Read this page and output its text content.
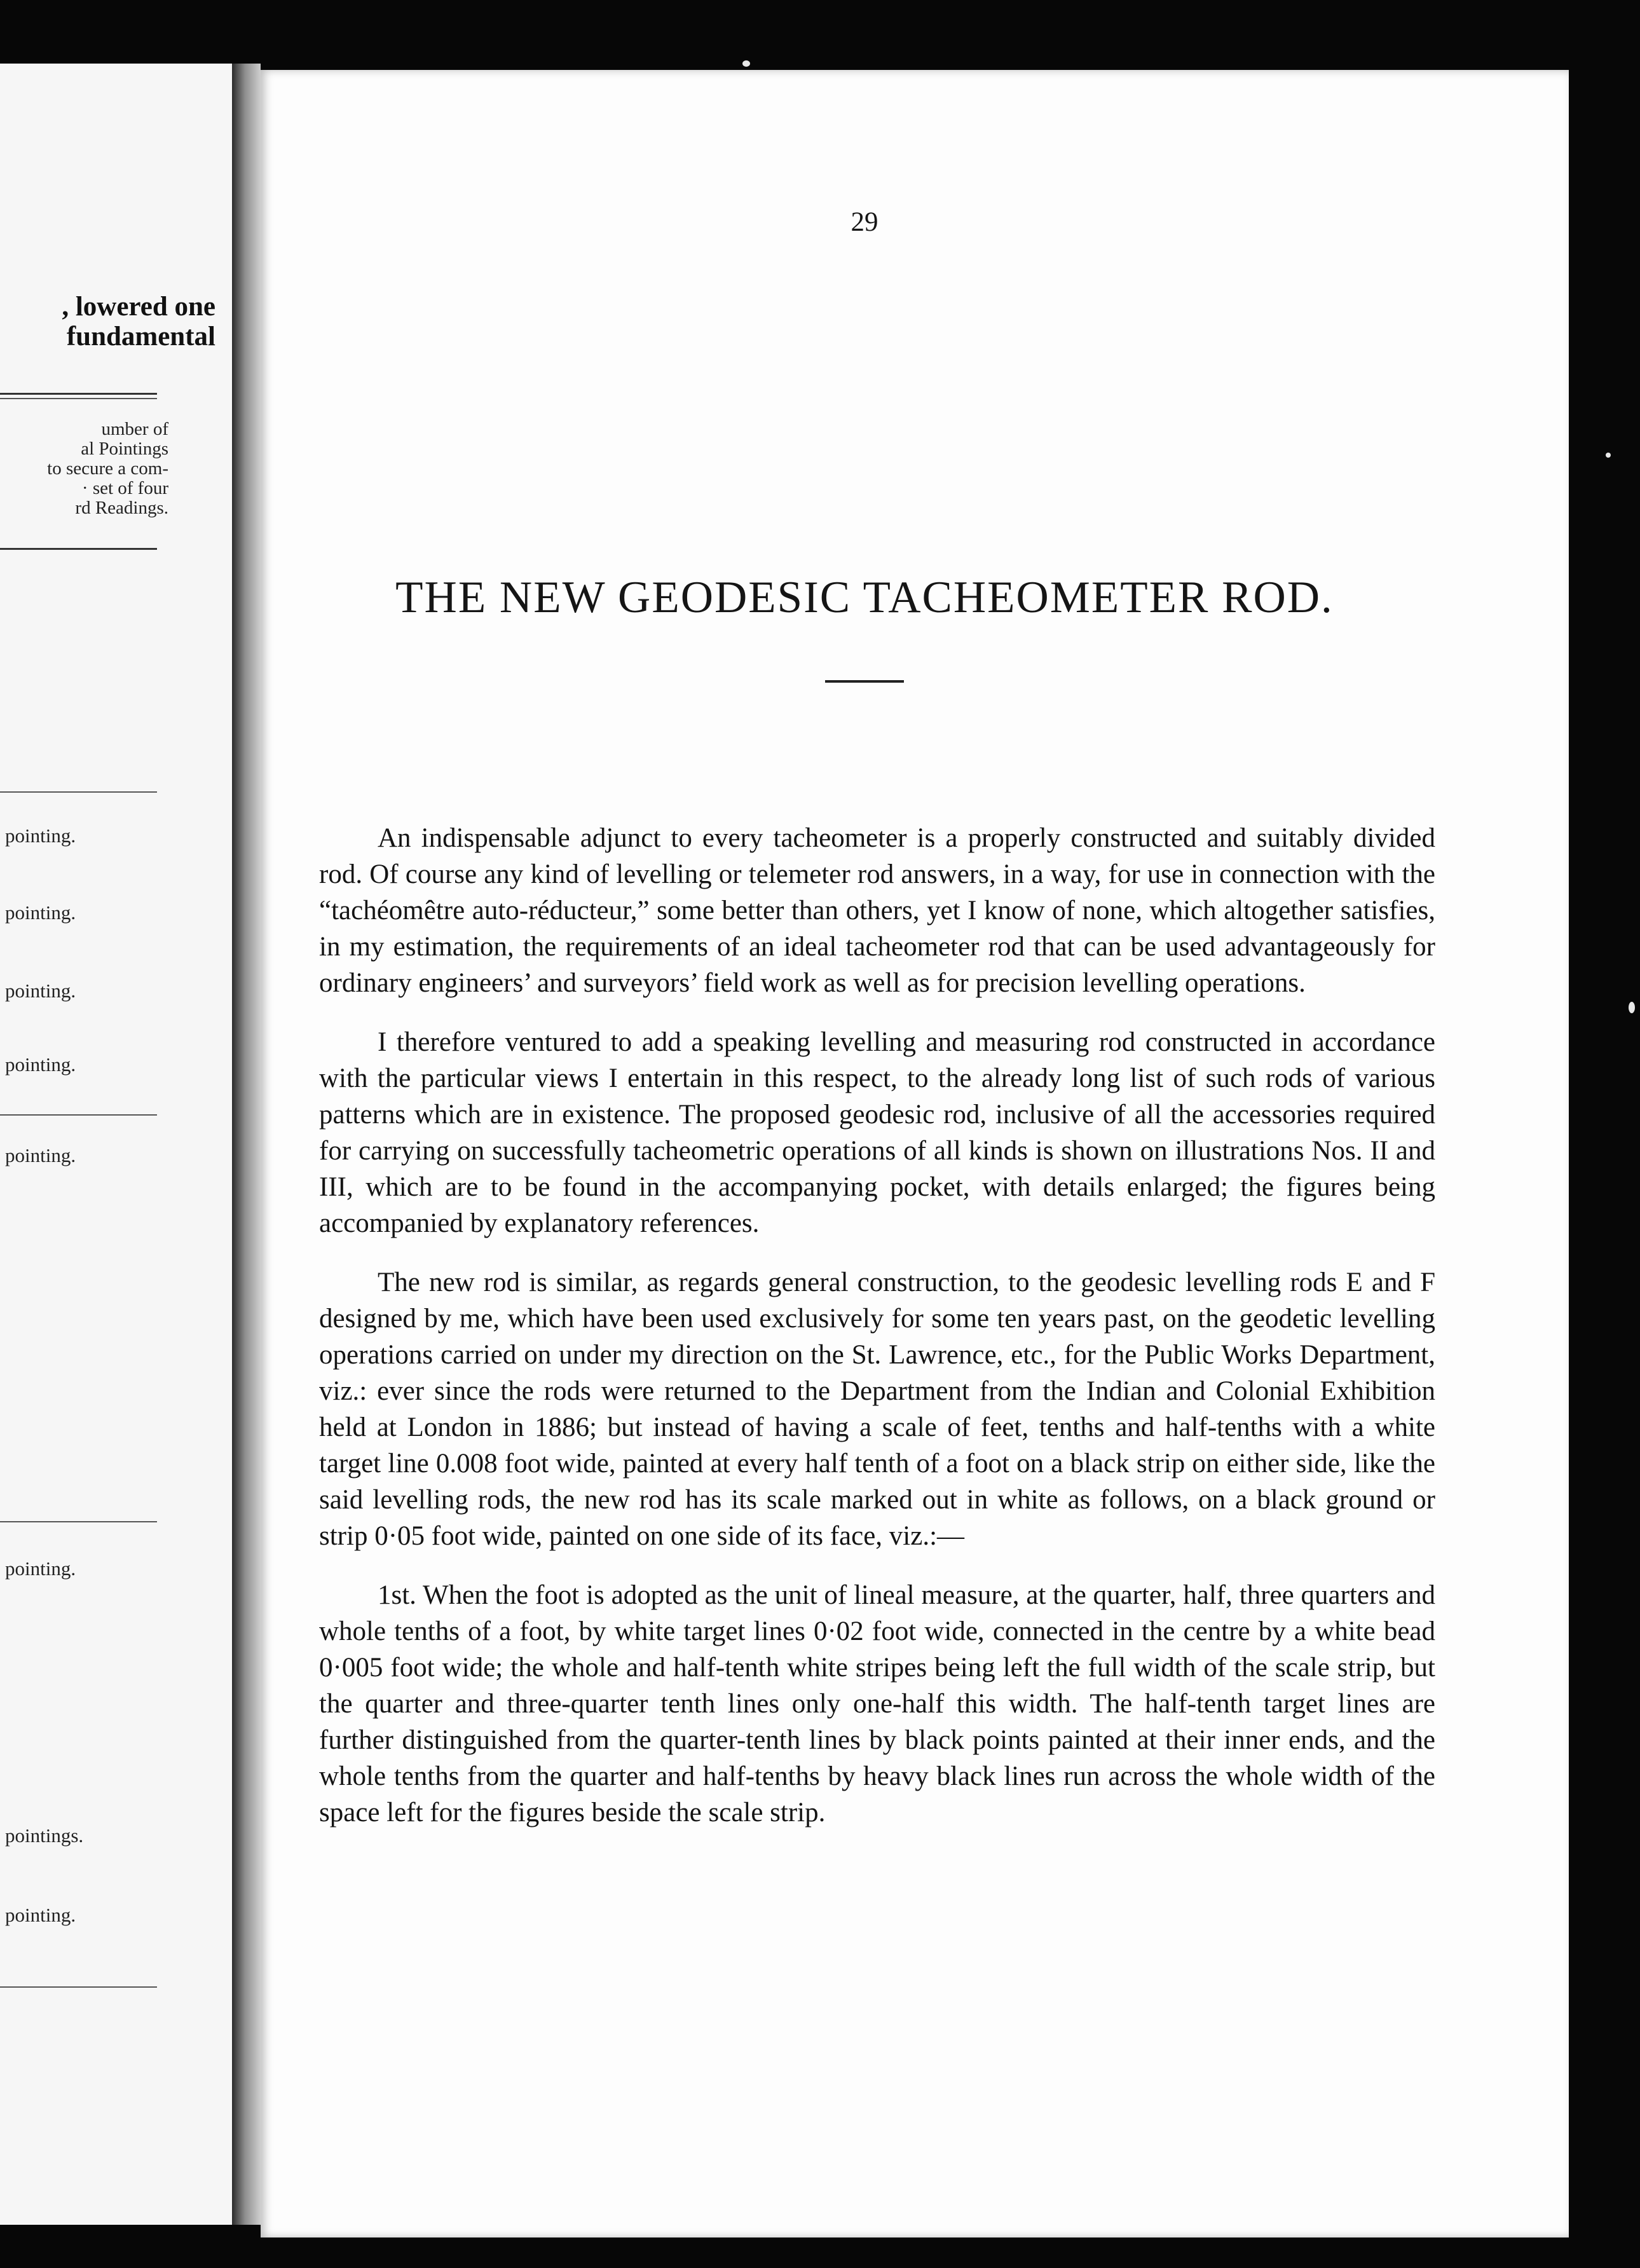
, lowered one
fundamental
umber of
al Pointings
to secure a com-
· set of four
rd Readings.
pointing.
pointing.
pointing.
pointing.
pointing.
pointing.
pointings.
pointing.
29
THE NEW GEODESIC TACHEOMETER ROD.

An indispensable adjunct to every tacheometer is a properly constructed and suitably divided rod. Of course any kind of levelling or telemeter rod answers, in a way, for use in connection with the “tachéomêtre auto-réducteur,” some better than others, yet I know of none, which altogether satisfies, in my estimation, the requirements of an ideal tacheometer rod that can be used advantageously for ordinary engineers’ and surveyors’ field work as well as for precision levelling operations.

I therefore ventured to add a speaking levelling and measuring rod constructed in accordance with the particular views I entertain in this respect, to the already long list of such rods of various patterns which are in existence. The proposed geodesic rod, inclusive of all the accessories required for carrying on successfully tacheometric operations of all kinds is shown on illustrations Nos. II and III, which are to be found in the accompanying pocket, with details enlarged; the figures being accompanied by explanatory references.

The new rod is similar, as regards general construction, to the geodesic levelling rods E and F designed by me, which have been used exclusively for some ten years past, on the geodetic levelling operations carried on under my direction on the St. Lawrence, etc., for the Public Works Department, viz.: ever since the rods were returned to the Department from the Indian and Colonial Exhibition held at London in 1886; but instead of having a scale of feet, tenths and half-tenths with a white target line 0.008 foot wide, painted at every half tenth of a foot on a black strip on either side, like the said levelling rods, the new rod has its scale marked out in white as follows, on a black ground or strip 0·05 foot wide, painted on one side of its face, viz.:—

1st. When the foot is adopted as the unit of lineal measure, at the quarter, half, three quarters and whole tenths of a foot, by white target lines 0·02 foot wide, connected in the centre by a white bead 0·005 foot wide; the whole and half-tenth white stripes being left the full width of the scale strip, but the quarter and three-quarter tenth lines only one-half this width. The half-tenth target lines are further distinguished from the quarter-tenth lines by black points painted at their inner ends, and the whole tenths from the quarter and half-tenths by heavy black lines run across the whole width of the space left for the figures beside the scale strip.
